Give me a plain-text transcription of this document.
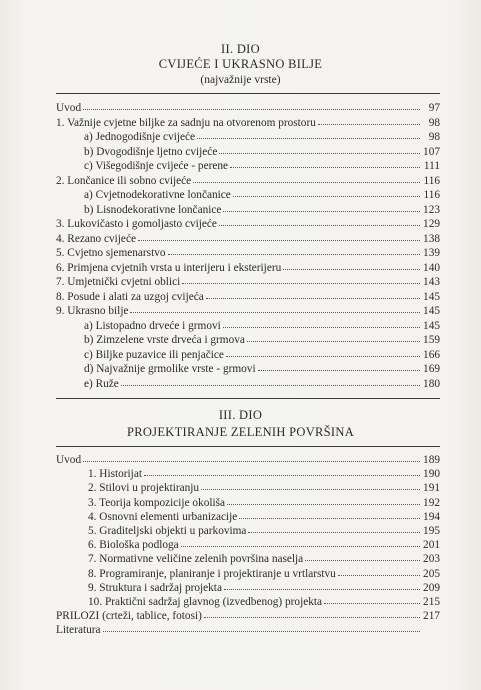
II. DIO
CVIJEĆE I UKRASNO BILJE
(najvažnije vrste)
Uvod	97
1. Važnije cvjetne biljke za sadnju na otvorenom prostoru	98
a) Jednogodišnje cvijeće	98
b) Dvogodišnje ljetno cvijeće	107
c) Višegodišnje cvijeće - perene	111
2. Lončanice ili sobno cvijeće	116
a) Cvjetnodekorativne lončanice	116
b) Lisnodekorativne lončanice	123
3. Lukovičasto i gomoljasto cvijeće	129
4. Rezano cvijeće	138
5. Cvjetno sjemenarstvo	139
6. Primjena cvjetnih vrsta u interijeru i eksterijeru	140
7. Umjetnički cvjetni oblici	143
8. Posude i alati za uzgoj cvijeća	145
9. Ukrasno bilje	145
a) Listopadno drveće i grmovi	145
b) Zimzelene vrste drveća i grmova	159
c) Biljke puzavice ili penjačice	166
d) Najvažnije grmolike vrste - grmovi	169
e) Ruže	180
III. DIO
PROJEKTIRANJE ZELENIH POVRŠINA
Uvod	189
1. Historijat	190
2. Stilovi u projektiranju	191
3. Teorija kompozicije okoliša	192
4. Osnovni elementi urbanizacije	194
5. Graditeljski objekti u parkovima	195
6. Biološka podloga	201
7. Normativne veličine zelenih površina naselja	203
8. Programiranje, planiranje i projektiranje u vrtlarstvu	205
9. Struktura i sadržaj projekta	209
10. Praktični sadržaj glavnog (izvedbenog) projekta	215
PRILOZI (crteži, tablice, fotosi)	217
Literatura
